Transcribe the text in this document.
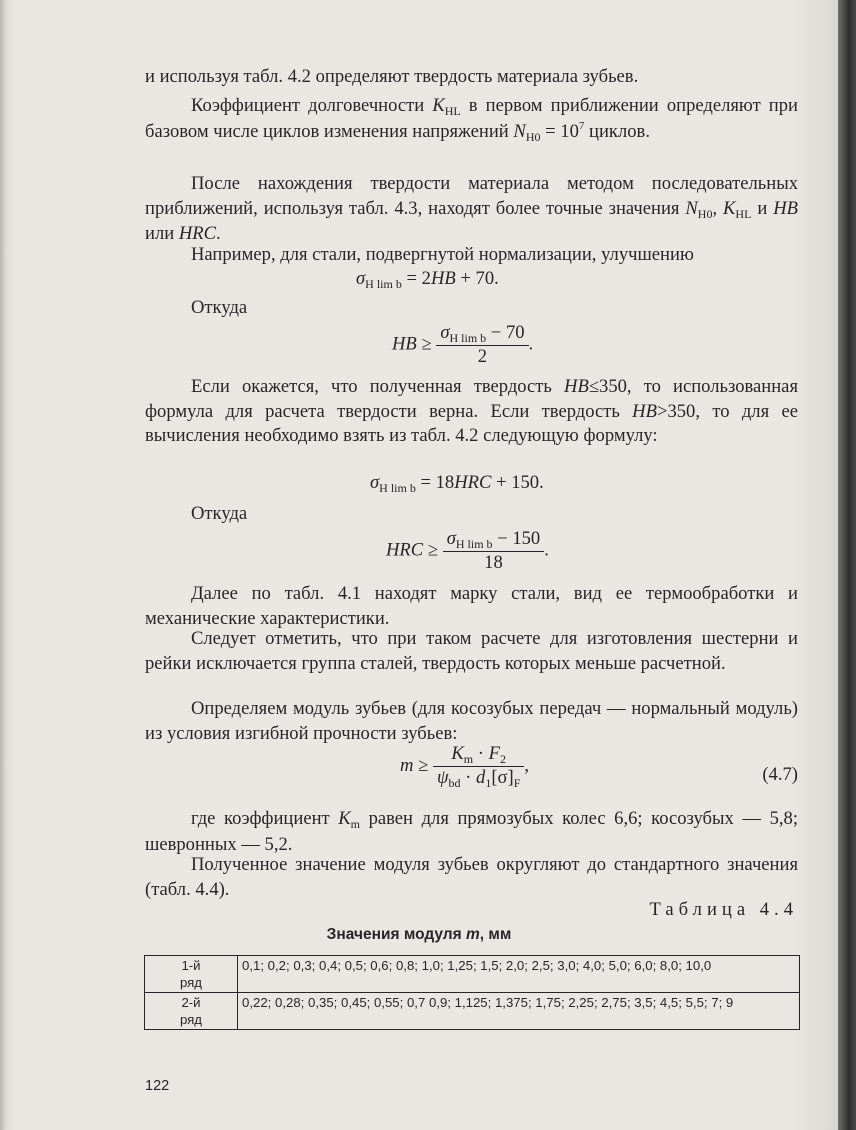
и используя табл. 4.2 определяют твердость материала зубьев.
Коэффициент долговечности $K_{HL}$ в первом приближении определяют при базовом числе циклов изменения напряжений $N_{H0} = 10^7$ циклов.
После нахождения твердости материала методом последовательных приближений, используя табл. 4.3, находят более точные значения $N_{H0}$, $K_{HL}$ и HB или HRC.
Например, для стали, подвергнутой нормализации, улучшению
$\sigma_{H lim b} = 2HB + 70$.
Откуда
HB ≥ $\frac{\sigma_{H lim b} - 70}{2}$ .
Если окажется, что полученная твердость HB≤350, то использованная формула для расчета твердости верна. Если твердость HB>350, то для ее вычисления необходимо взять из табл. 4.2 следующую формулу:
$\sigma_{H lim b} = 18HRC + 150$.
Откуда
HRC ≥ $\frac{\sigma_{H lim b} - 150}{18}$ .
Далее по табл. 4.1 находят марку стали, вид ее термообработки и механические характеристики.
Следует отметить, что при таком расчете для изготовления шестерни и рейки исключается группа сталей, твердость которых меньше расчетной.
Определяем модуль зубьев (для косозубых передач — нормальный модуль) из условия изгибной прочности зубьев:
$m \ge \frac{K_m \cdot F_2}{\psi_{bd} \cdot d_1[\sigma]_F}$ ,	(4.7)
где коэффициент $K_m$ равен для прямозубых колес 6,6; косозубых — 5,8; шевронных — 5,2.
Полученное значение модуля зубьев округляют до стандартного значения (табл. 4.4).
Таблица 4.4
Значения модуля m, мм
1-й
ряд	0,1; 0,2; 0,3; 0,4; 0,5; 0,6; 0,8; 1,0; 1,25; 1,5; 2,0; 2,5; 3,0; 4,0; 5,0; 6,0; 8,0; 10,0
2-й
ряд	0,22; 0,28; 0,35; 0,45; 0,55; 0,7 0,9; 1,125; 1,375; 1,75; 2,25; 2,75; 3,5; 4,5; 5,5; 7; 9
122
